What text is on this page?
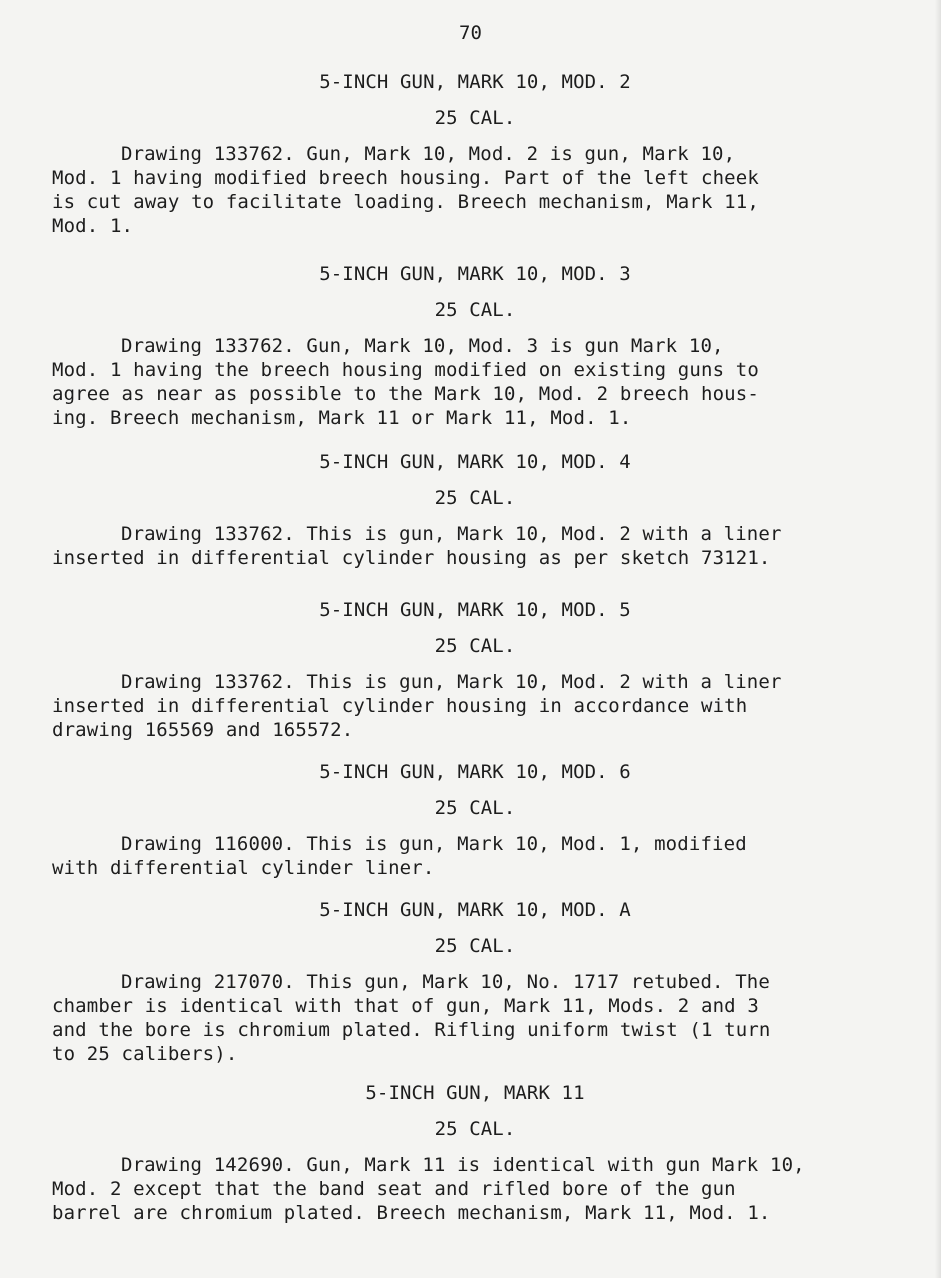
70
5-INCH GUN, MARK 10, MOD. 2
25 CAL.
Drawing 133762. Gun, Mark 10, Mod. 2 is gun, Mark 10,
Mod. 1 having modified breech housing. Part of the left cheek
is cut away to facilitate loading. Breech mechanism, Mark 11,
Mod. 1.
5-INCH GUN, MARK 10, MOD. 3
25 CAL.
Drawing 133762. Gun, Mark 10, Mod. 3 is gun Mark 10,
Mod. 1 having the breech housing modified on existing guns to
agree as near as possible to the Mark 10, Mod. 2 breech hous-
ing. Breech mechanism, Mark 11 or Mark 11, Mod. 1.
5-INCH GUN, MARK 10, MOD. 4
25 CAL.
Drawing 133762. This is gun, Mark 10, Mod. 2 with a liner
inserted in differential cylinder housing as per sketch 73121.
5-INCH GUN, MARK 10, MOD. 5
25 CAL.
Drawing 133762. This is gun, Mark 10, Mod. 2 with a liner
inserted in differential cylinder housing in accordance with
drawing 165569 and 165572.
5-INCH GUN, MARK 10, MOD. 6
25 CAL.
Drawing 116000. This is gun, Mark 10, Mod. 1, modified
with differential cylinder liner.
5-INCH GUN, MARK 10, MOD. A
25 CAL.
Drawing 217070. This gun, Mark 10, No. 1717 retubed. The
chamber is identical with that of gun, Mark 11, Mods. 2 and 3
and the bore is chromium plated. Rifling uniform twist (1 turn
to 25 calibers).
5-INCH GUN, MARK 11
25 CAL.
Drawing 142690. Gun, Mark 11 is identical with gun Mark 10,
Mod. 2 except that the band seat and rifled bore of the gun
barrel are chromium plated. Breech mechanism, Mark 11, Mod. 1.
